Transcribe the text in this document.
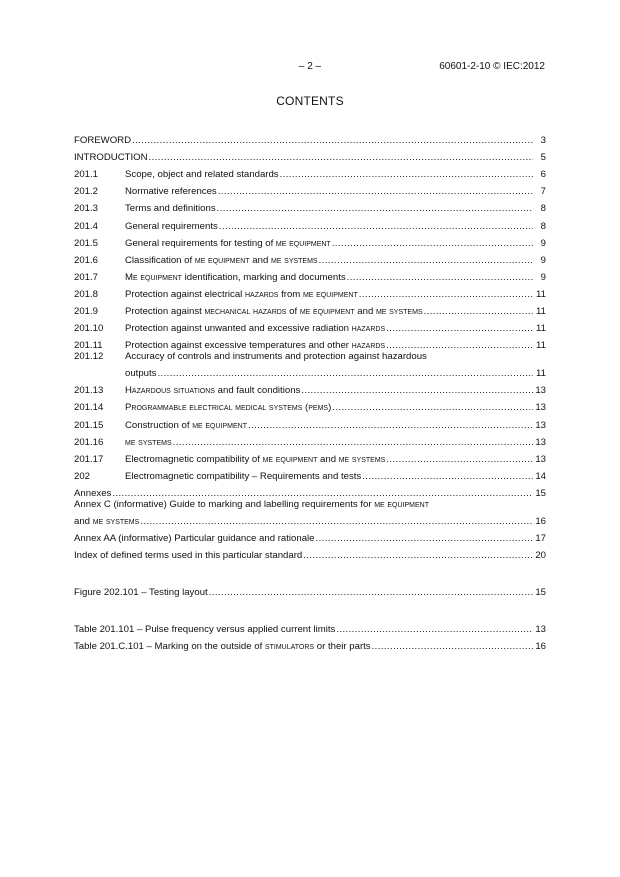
– 2 –	60601-2-10 © IEC:2012
CONTENTS
FOREWORD .....	3
INTRODUCTION .....	5
201.1	Scope, object and related standards .....	6
201.2	Normative references .....	7
201.3	Terms and definitions .....	8
201.4	General requirements .....	8
201.5	General requirements for testing of me equipment .....	9
201.6	Classification of me equipment and me systems .....	9
201.7	Me equipment identification, marking and documents .....	9
201.8	Protection against electrical hazards from me equipment .....	11
201.9	Protection against mechanical hazards of me equipment and me systems .....	11
201.10	Protection against unwanted and excessive radiation hazards .....	11
201.11	Protection against excessive temperatures and other hazards .....	11
201.12	Accuracy of controls and instruments and protection against hazardous
outputs .....	11
201.13	Hazardous situations and fault conditions .....	13
201.14	Programmable electrical medical systems (pems) .....	13
201.15	Construction of me equipment .....	13
201.16	me systems .....	13
201.17	Electromagnetic compatibility of me equipment and me systems .....	13
202	Electromagnetic compatibility – Requirements and tests .....	14
Annexes .....	15
Annex C (informative) Guide to marking and labelling requirements for me equipment
and me systems .....	16
Annex AA (informative) Particular guidance and rationale .....	17
Index of defined terms used in this particular standard .....	20
Figure 202.101 – Testing layout .....	15
Table 201.101 – Pulse frequency versus applied current limits .....	13
Table 201.C.101 – Marking on the outside of stimulators or their parts .....	16
